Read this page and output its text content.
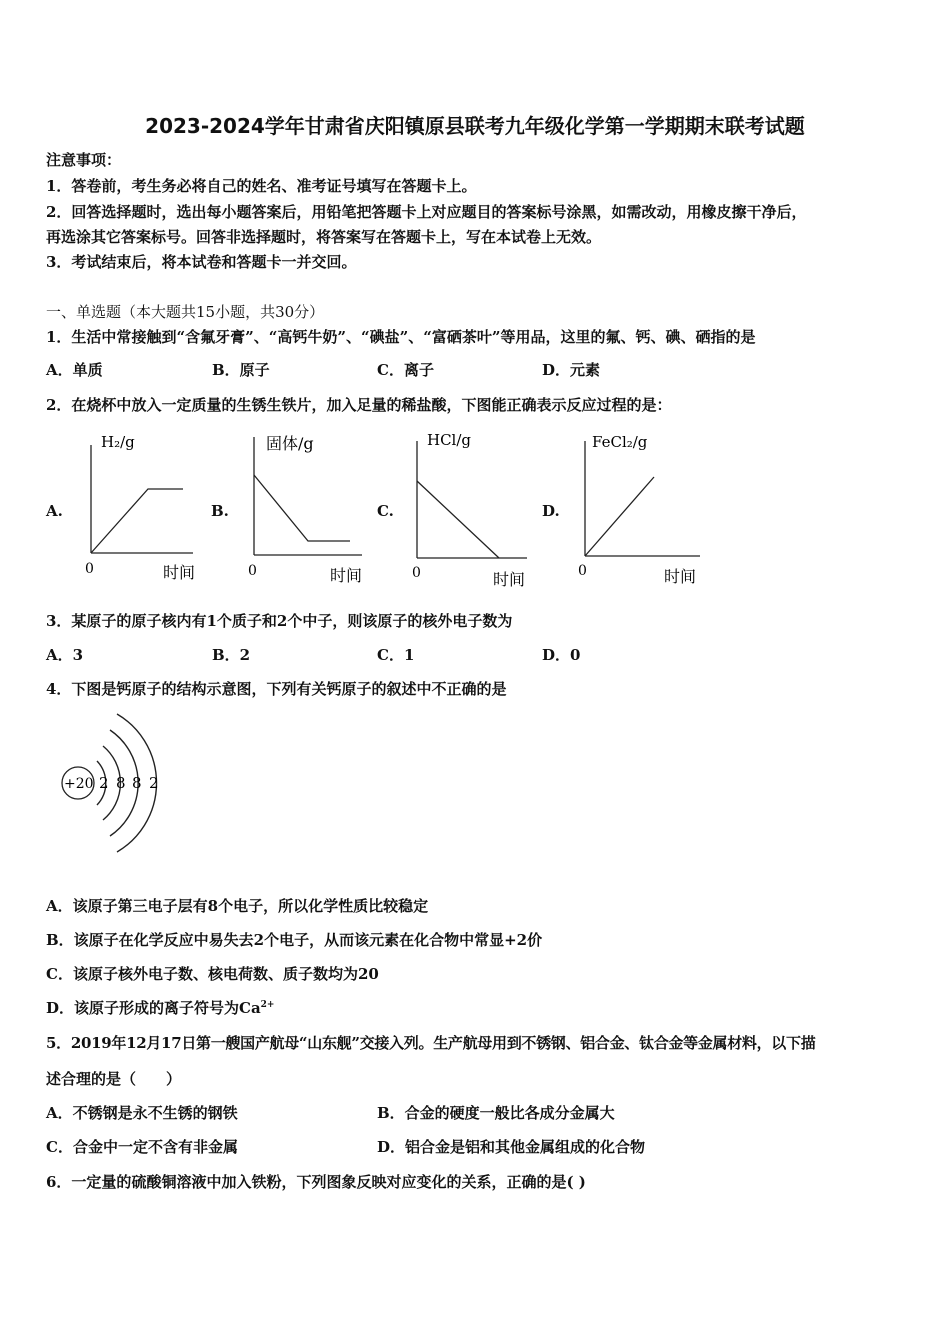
2023-2024学年甘肃省庆阳镇原县联考九年级化学第一学期期末联考试题
注意事项：
1．答卷前，考生务必将自己的姓名、准考证号填写在答题卡上。
2．回答选择题时，选出每小题答案后，用铅笔把答题卡上对应题目的答案标号涂黑，如需改动，用橡皮擦干净后，
再选涂其它答案标号。回答非选择题时，将答案写在答题卡上，写在本试卷上无效。
3．考试结束后，将本试卷和答题卡一并交回。
一、单选题（本大题共15小题，共30分）
1．生活中常接触到“含氟牙膏”、“高钙牛奶”、“碘盐”、“富硒茶叶”等用品，这里的氟、钙、碘、硒指的是
A．单质	B．原子	C．离子	D．元素
2．在烧杯中放入一定质量的生锈生铁片，加入足量的稀盐酸，下图能正确表示反应过程的是：
A.
H₂/g
0	时间
B.
固体/g
0	时间
C.
HCl/g
0	时间
D.
FeCl₂/g
0	时间
3．某原子的原子核内有1个质子和2个中子，则该原子的核外电子数为
A．3	B．2	C．1	D．0
4．下图是钙原子的结构示意图，下列有关钙原子的叙述中不正确的是
+20 2 8 8 2
A．该原子第三电子层有8个电子，所以化学性质比较稳定
B．该原子在化学反应中易失去2个电子，从而该元素在化合物中常显+2价
C．该原子核外电子数、核电荷数、质子数均为20
D．该原子形成的离子符号为$Ca^{2+}$
5．2019年12月17日第一艘国产航母“山东舰”交接入列。生产航母用到不锈钢、铝合金、钛合金等金属材料，以下描
述合理的是（　　）
A．不锈钢是永不生锈的钢铁	B．合金的硬度一般比各成分金属大
C．合金中一定不含有非金属	D．铝合金是铝和其他金属组成的化合物
6．一定量的硫酸铜溶液中加入铁粉，下列图象反映对应变化的关系，正确的是( )
